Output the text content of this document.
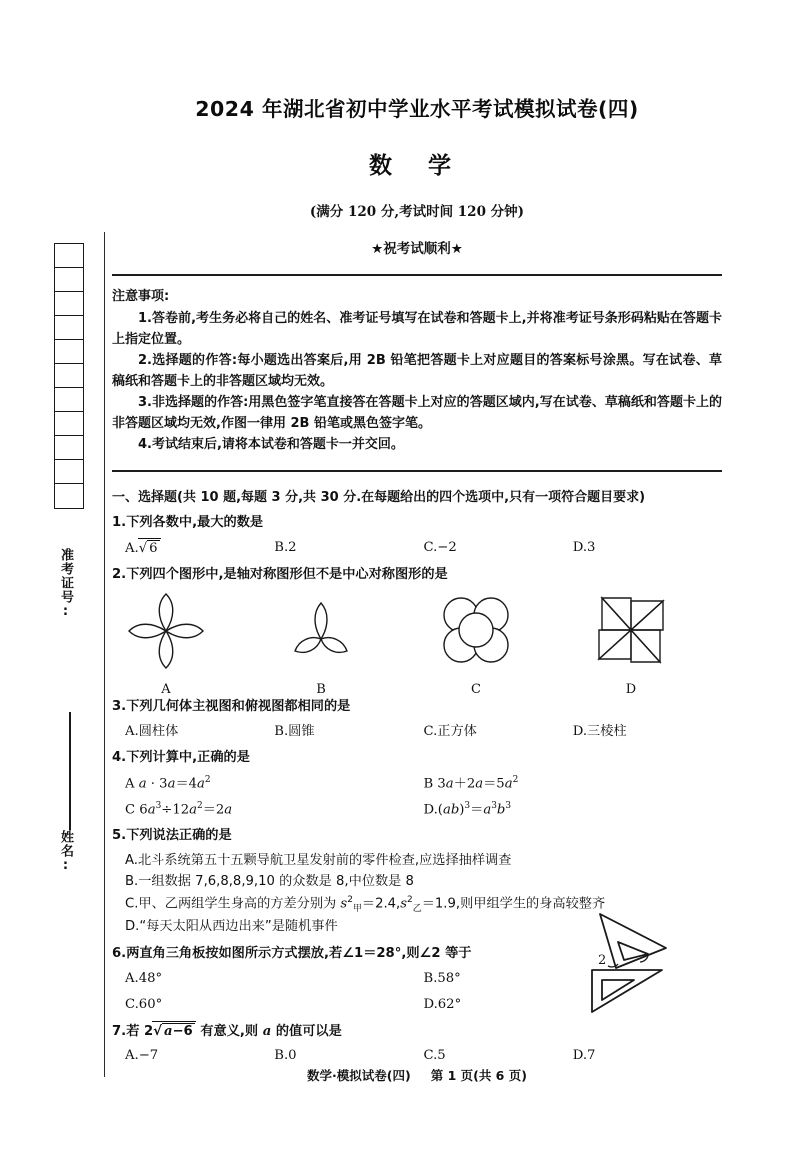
准考证号:
姓名:
2024 年湖北省初中学业水平考试模拟试卷(四)
数 学
(满分 120 分,考试时间 120 分钟)
★祝考试顺利★
注意事项:
1.答卷前,考生务必将自己的姓名、准考证号填写在试卷和答题卡上,并将准考证号条形码粘贴在答题卡上指定位置。
2.选择题的作答:每小题选出答案后,用 2B 铅笔把答题卡上对应题目的答案标号涂黑。写在试卷、草稿纸和答题卡上的非答题区域均无效。
3.非选择题的作答:用黑色签字笔直接答在答题卡上对应的答题区域内,写在试卷、草稿纸和答题卡上的非答题区域均无效,作图一律用 2B 铅笔或黑色签字笔。
4.考试结束后,请将本试卷和答题卡一并交回。
一、选择题(共 10 题,每题 3 分,共 30 分.在每题给出的四个选项中,只有一项符合题目要求)
1.下列各数中,最大的数是
A.√ 6	B.2	C.−2	D.3
2.下列四个图形中,是轴对称图形但不是中心对称图形的是
A	B	C	D
3.下列几何体主视图和俯视图都相同的是
A.圆柱体	B.圆锥	C.正方体	D.三棱柱
4.下列计算中,正确的是
A $a \cdot 3a=4a^2$	B $3a+2a=5a^2$
C $6a^3\div 12a^2=2a$	$D.(ab)^3=a^3b^3$
5.下列说法正确的是
A.北斗系统第五十五颗导航卫星发射前的零件检查,应选择抽样调查
B.一组数据 7,6,8,8,9,10 的众数是 8,中位数是 8
C.甲、乙两组学生身高的方差分别为 $s^2_甲=2.4,s^2_乙=1.9$,则甲组学生的身高较整齐
D.“每天太阳从西边出来”是随机事件
6.两直角三角板按如图所示方式摆放,若∠1＝28°,则∠2 等于
A.48°	B.58°
C.60°	D.62°
7.若 2√ a−6 有意义,则 a 的值可以是
A.−7	B.0	C.5	D.7
2
数学·模拟试卷(四) 第 1 页(共 6 页)
